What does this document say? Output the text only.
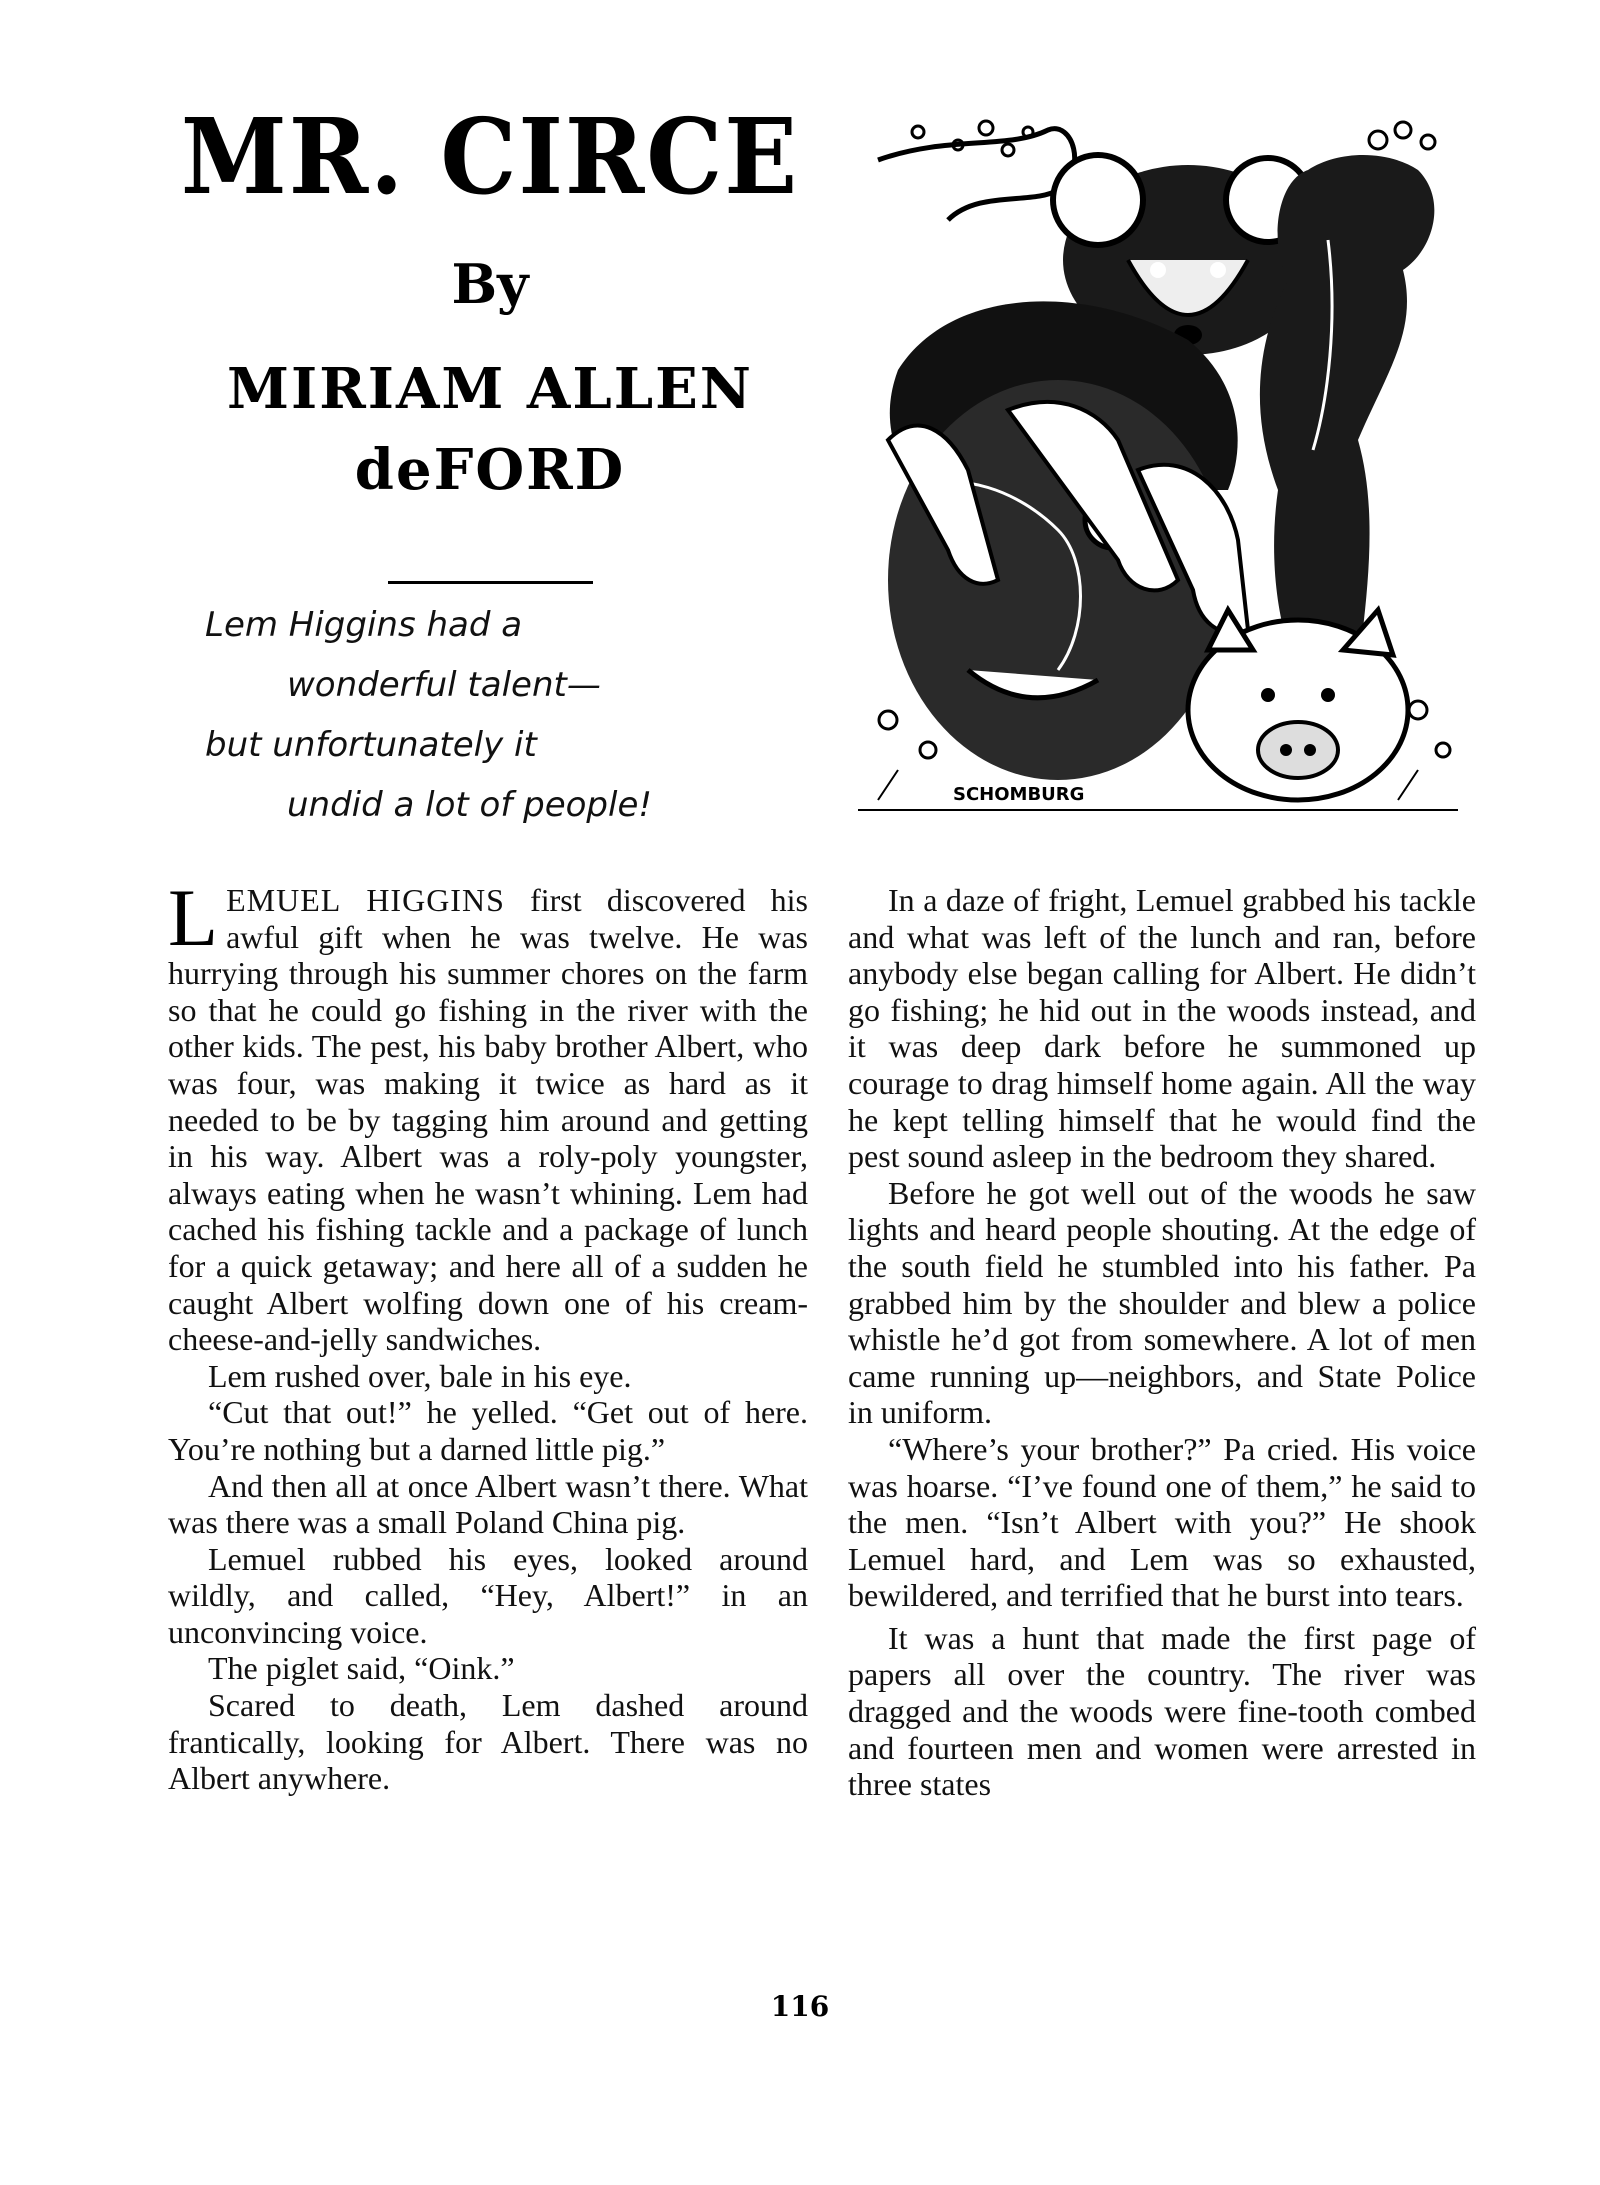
MR. CIRCE
By
MIRIAM ALLEN
deFORD
Lem Higgins had a
wonderful talent—
but unfortunately it
undid a lot of people!	SCHOMBURG

LEMUEL HIGGINS first discovered his awful gift when he was twelve. He was hurrying through his summer chores on the farm so that he could go fishing in the river with the other kids. The pest, his baby brother Albert, who was four, was making it twice as hard as it needed to be by tagging him around and getting in his way. Albert was a roly-poly youngster, always eating when he wasn’t whining. Lem had cached his fishing tackle and a package of lunch for a quick getaway; and here all of a sudden he caught Albert wolfing down one of his cream-cheese-and-jelly sandwiches.

Lem rushed over, bale in his eye.

“Cut that out!” he yelled. “Get out of here. You’re nothing but a darned little pig.”

And then all at once Albert wasn’t there. What was there was a small Poland China pig.

Lemuel rubbed his eyes, looked around wildly, and called, “Hey, Albert!” in an unconvincing voice.

The piglet said, “Oink.”

Scared to death, Lem dashed around frantically, looking for Albert. There was no Albert anywhere.

In a daze of fright, Lemuel grabbed his tackle and what was left of the lunch and ran, before anybody else began calling for Albert. He didn’t go fishing; he hid out in the woods instead, and it was deep dark before he summoned up courage to drag himself home again. All the way he kept telling himself that he would find the pest sound asleep in the bedroom they shared.

Before he got well out of the woods he saw lights and heard people shouting. At the edge of the south field he stumbled into his father. Pa grabbed him by the shoulder and blew a police whistle he’d got from somewhere. A lot of men came running up—neighbors, and State Police in uniform.

“Where’s your brother?” Pa cried. His voice was hoarse. “I’ve found one of them,” he said to the men. “Isn’t Albert with you?” He shook Lemuel hard, and Lem was so exhausted, bewildered, and terrified that he burst into tears.

It was a hunt that made the first page of papers all over the country. The river was dragged and the woods were fine-tooth combed and fourteen men and women were arrested in three states

116
